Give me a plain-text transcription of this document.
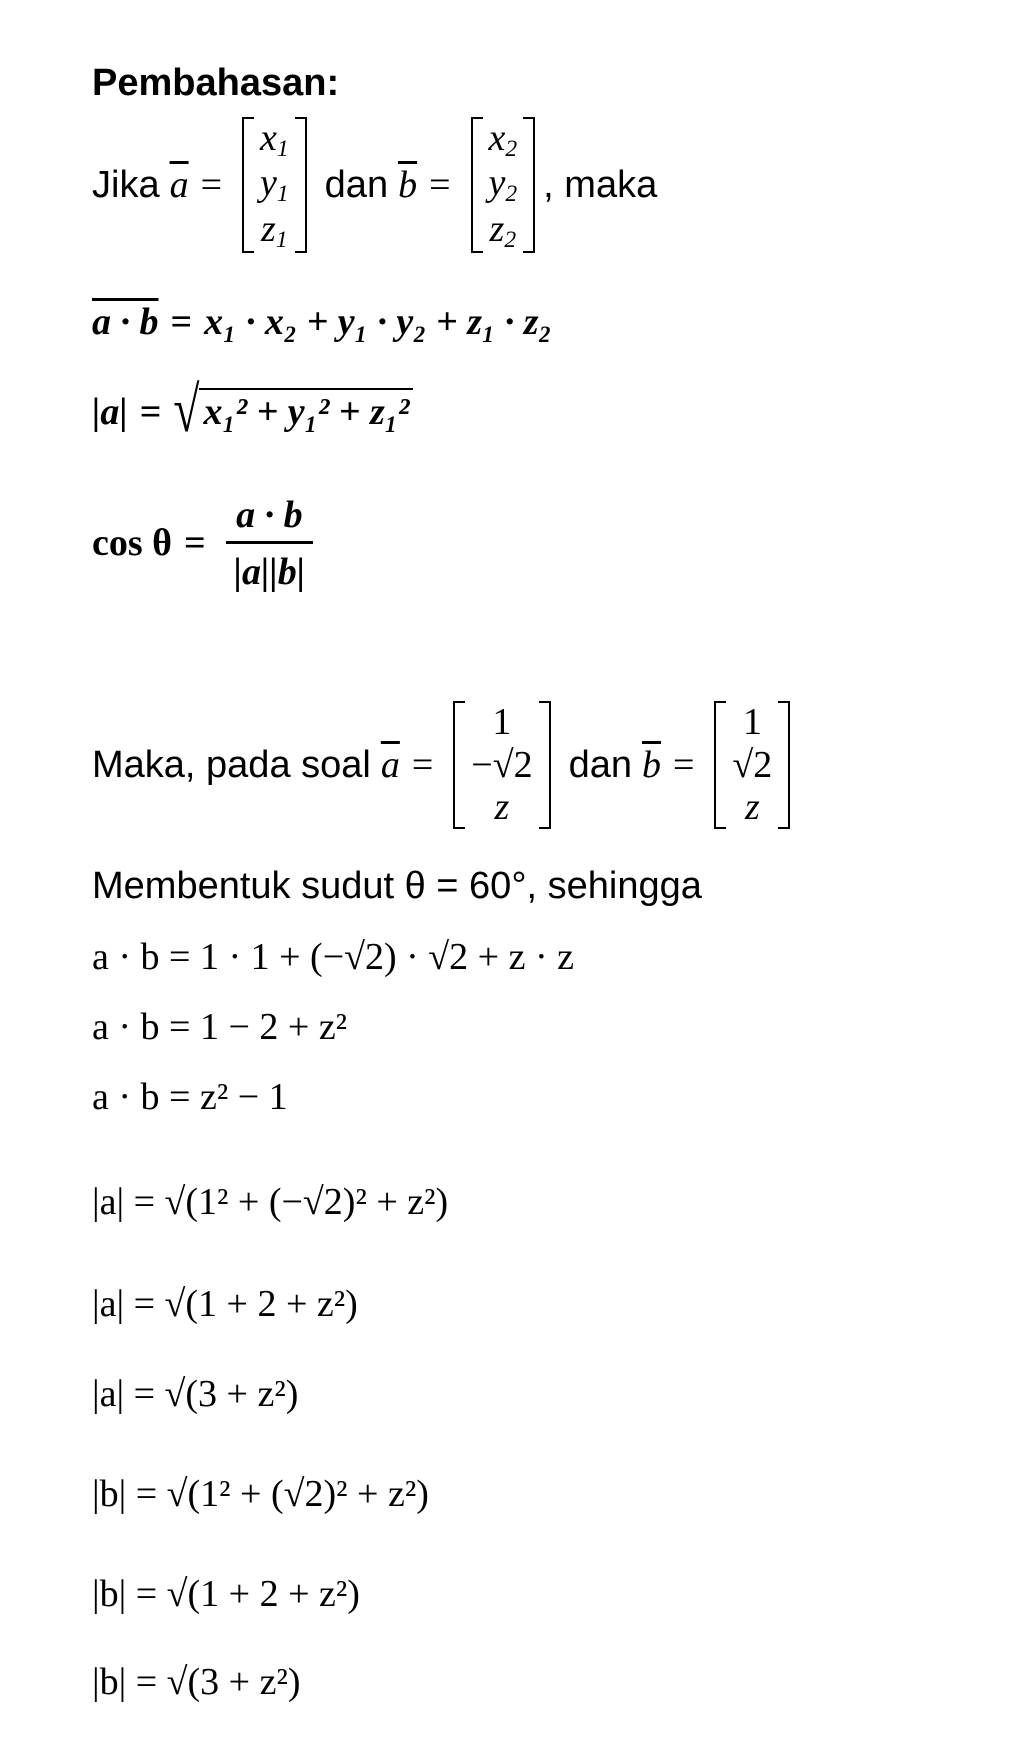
Pembahasan:
Jika $\overline{a}$ =
$x_1$
$y_1$
$z_1$
dan $\overline{b}$ =
$x_2$
$y_2$
$z_2$
, maka
a · b = x₁ · x₂ + y₁ · y₂ + z₁ · z₂
|a| = √ x₁² + y₁² + z₁²
$\cos \theta = \frac{a \cdot b}{|a||b|}$
Maka, pada soal $\overline{a}$ =
1
−√2
z
dan $\overline{b}$ =
1
√2
z
Membentuk sudut θ = 60°, sehingga
a · b = 1 · 1 + (−√2) · √2 + z · z
a · b = 1 − 2 + z²
a · b = z² − 1
|a| = √(1² + (−√2)² + z²)
|a| = √(1 + 2 + z²)
|a| = √(3 + z²)
|b| = √(1² + (√2)² + z²)
|b| = √(1 + 2 + z²)
|b| = √(3 + z²)
